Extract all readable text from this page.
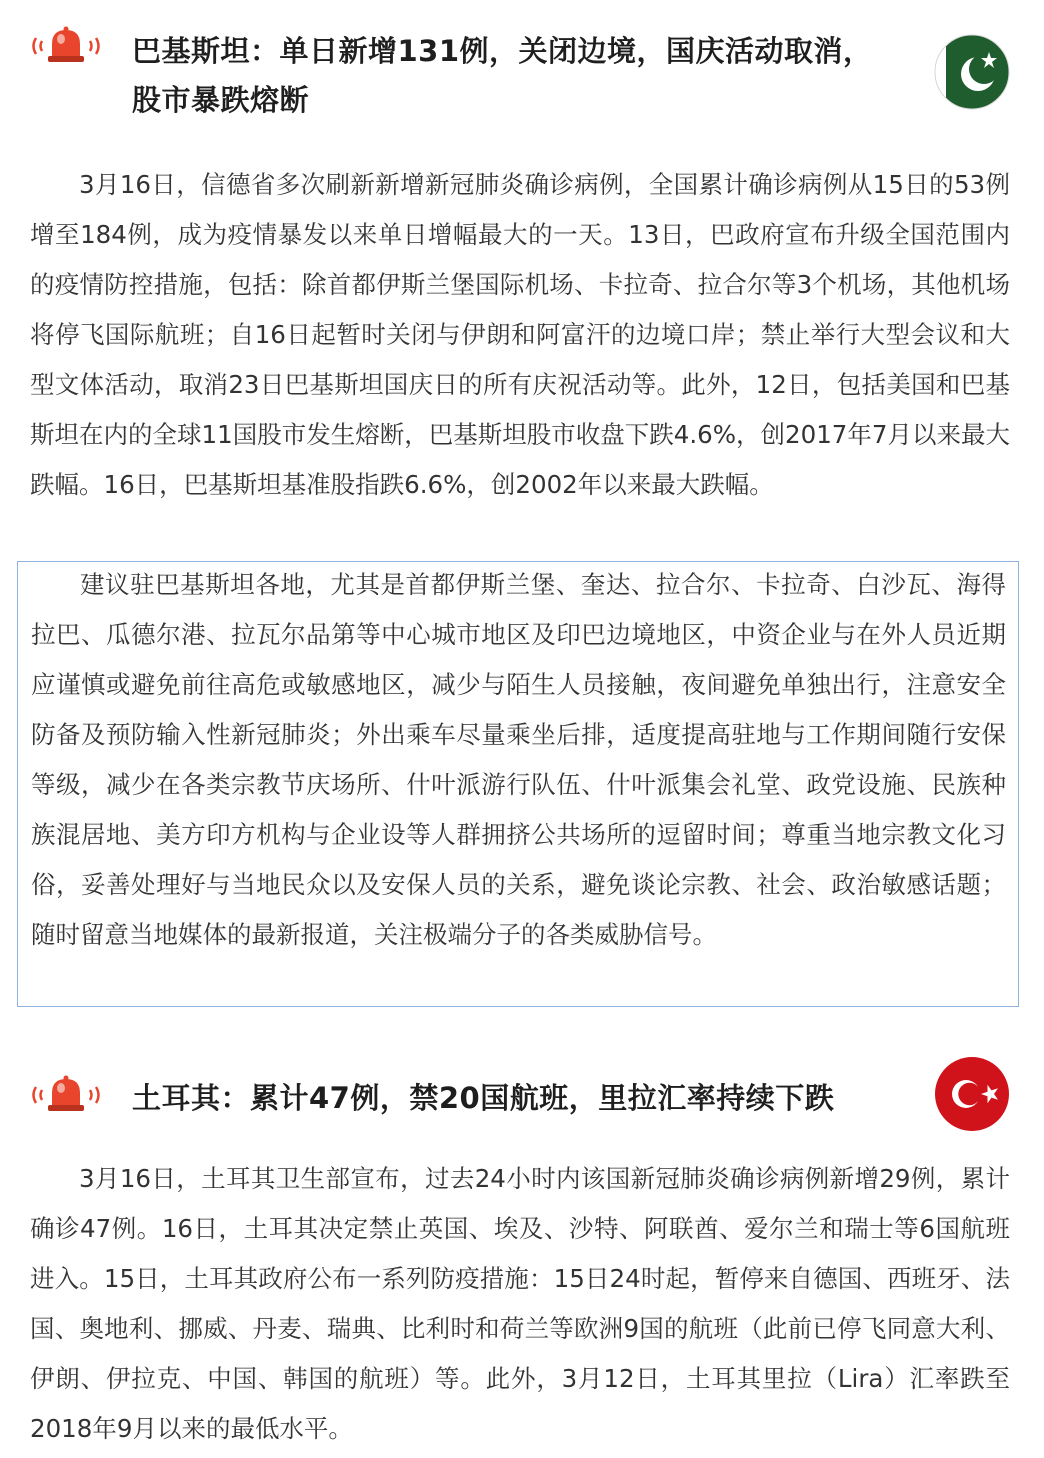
巴基斯坦：单日新增131例，关闭边境，国庆活动取消，
股市暴跌熔断

3月16日，信德省多次刷新新增新冠肺炎确诊病例，全国累计确诊病例从15日的53例增至184例，成为疫情暴发以来单日增幅最大的一天。13日，巴政府宣布升级全国范围内的疫情防控措施，包括：除首都伊斯兰堡国际机场、卡拉奇、拉合尔等3个机场，其他机场将停飞国际航班；自16日起暂时关闭与伊朗和阿富汗的边境口岸；禁止举行大型会议和大型文体活动，取消23日巴基斯坦国庆日的所有庆祝活动等。此外，12日，包括美国和巴基斯坦在内的全球11国股市发生熔断，巴基斯坦股市收盘下跌4.6%，创2017年7月以来最大跌幅。16日，巴基斯坦基准股指跌6.6%，创2002年以来最大跌幅。

建议驻巴基斯坦各地，尤其是首都伊斯兰堡、奎达、拉合尔、卡拉奇、白沙瓦、海得拉巴、瓜德尔港、拉瓦尔品第等中心城市地区及印巴边境地区，中资企业与在外人员近期应谨慎或避免前往高危或敏感地区，减少与陌生人员接触，夜间避免单独出行，注意安全防备及预防输入性新冠肺炎；外出乘车尽量乘坐后排，适度提高驻地与工作期间随行安保等级，减少在各类宗教节庆场所、什叶派游行队伍、什叶派集会礼堂、政党设施、民族种族混居地、美方印方机构与企业设等人群拥挤公共场所的逗留时间；尊重当地宗教文化习俗，妥善处理好与当地民众以及安保人员的关系，避免谈论宗教、社会、政治敏感话题；随时留意当地媒体的最新报道，关注极端分子的各类威胁信号。

土耳其：累计47例，禁20国航班，里拉汇率持续下跌

3月16日，土耳其卫生部宣布，过去24小时内该国新冠肺炎确诊病例新增29例，累计确诊47例。16日，土耳其决定禁止英国、埃及、沙特、阿联酋、爱尔兰和瑞士等6国航班进入。15日，土耳其政府公布一系列防疫措施：15日24时起，暂停来自德国、西班牙、法国、奥地利、挪威、丹麦、瑞典、比利时和荷兰等欧洲9国的航班（此前已停飞同意大利、伊朗、伊拉克、中国、韩国的航班）等。此外，3月12日，土耳其里拉（Lira）汇率跌至2018年9月以来的最低水平。
